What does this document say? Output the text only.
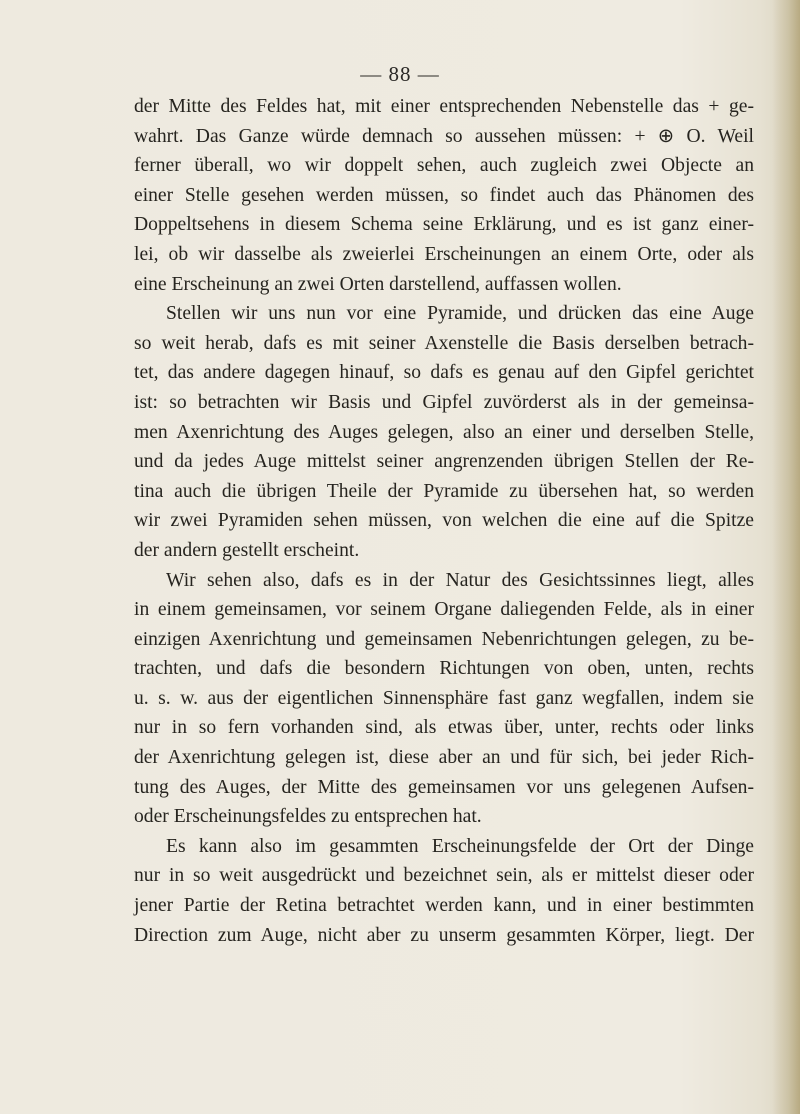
— 88 —
der Mitte des Feldes hat, mit einer entsprechenden Nebenstelle das + ge-
wahrt. Das Ganze würde demnach so aussehen müssen: + ⊕ O. Weil
ferner überall, wo wir doppelt sehen, auch zugleich zwei Objecte an
einer Stelle gesehen werden müssen, so findet auch das Phänomen des
Doppeltsehens in diesem Schema seine Erklärung, und es ist ganz einer-
lei, ob wir dasselbe als zweierlei Erscheinungen an einem Orte, oder als
eine Erscheinung an zwei Orten darstellend, auffassen wollen.
Stellen wir uns nun vor eine Pyramide, und drücken das eine Auge
so weit herab, dafs es mit seiner Axenstelle die Basis derselben betrach-
tet, das andere dagegen hinauf, so dafs es genau auf den Gipfel gerichtet
ist: so betrachten wir Basis und Gipfel zuvörderst als in der gemeinsa-
men Axenrichtung des Auges gelegen, also an einer und derselben Stelle,
und da jedes Auge mittelst seiner angrenzenden übrigen Stellen der Re-
tina auch die übrigen Theile der Pyramide zu übersehen hat, so werden
wir zwei Pyramiden sehen müssen, von welchen die eine auf die Spitze
der andern gestellt erscheint.
Wir sehen also, dafs es in der Natur des Gesichtssinnes liegt, alles
in einem gemeinsamen, vor seinem Organe daliegenden Felde, als in einer
einzigen Axenrichtung und gemeinsamen Nebenrichtungen gelegen, zu be-
trachten, und dafs die besondern Richtungen von oben, unten, rechts
u. s. w. aus der eigentlichen Sinnensphäre fast ganz wegfallen, indem sie
nur in so fern vorhanden sind, als etwas über, unter, rechts oder links
der Axenrichtung gelegen ist, diese aber an und für sich, bei jeder Rich-
tung des Auges, der Mitte des gemeinsamen vor uns gelegenen Aufsen-
oder Erscheinungsfeldes zu entsprechen hat.
Es kann also im gesammten Erscheinungsfelde der Ort der Dinge
nur in so weit ausgedrückt und bezeichnet sein, als er mittelst dieser oder
jener Partie der Retina betrachtet werden kann, und in einer bestimmten
Direction zum Auge, nicht aber zu unserm gesammten Körper, liegt. Der
